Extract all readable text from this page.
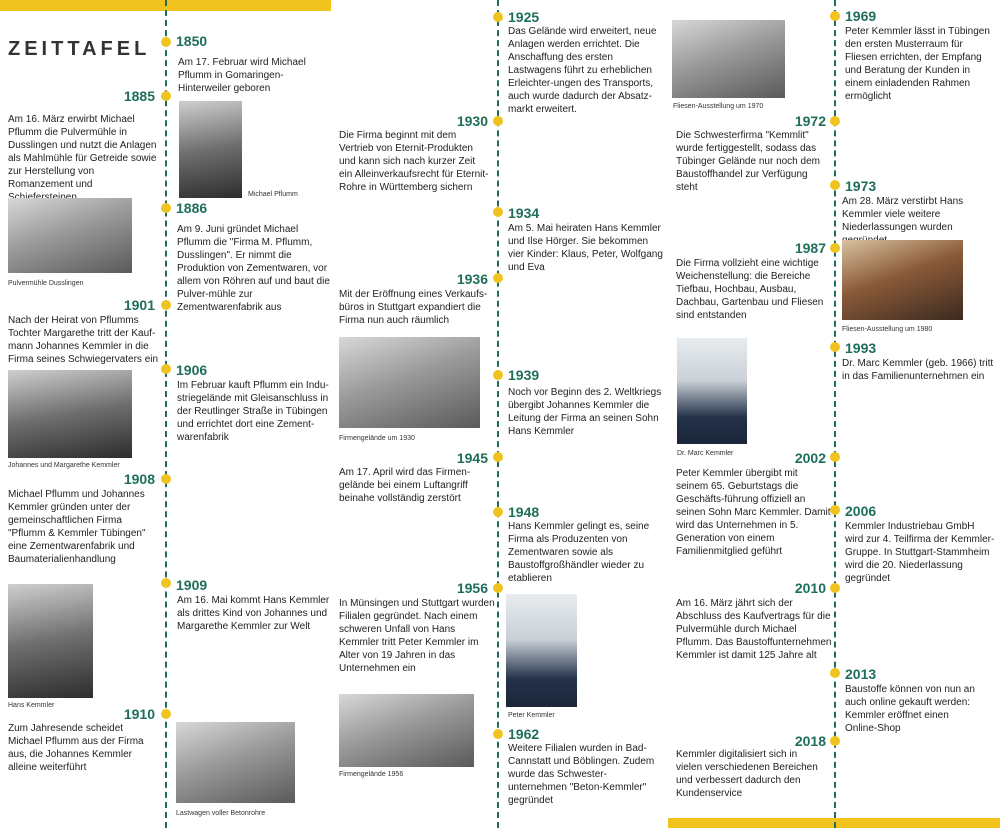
ZEITTAFEL 1850
Am 17. Februar wird Michael Pflumm in Gomaringen-Hinterweiler geboren
Michael Pflumm
1885
Am 16. März erwirbt Michael Pflumm die Pulvermühle in Dusslingen und nutzt die Anlagen als Mahlmühle für Getreide sowie zur Herstellung von Romanzement und
Pulvermühle Dusslingen
1886
Am 9. Juni gründet Michael Pflumm die "Firma M. Pflumm, Dusslingen". Er nimmt die Produktion von Zementwaren, vor allem von Röhren auf und baut die Pulver-mühle zur Zementwarenfabrik aus
1901
Nach der Heirat von Pflumms Tochter Margarethe tritt der Kauf-mann Johannes Kemmler in die Firma seines Schwiegervaters ein
Johannes und Margarethe Kemmler
1906
Im Februar kauft Pflumm ein Indu-striegelände mit Gleisanschluss in der Reutlinger Straße in Tübingen und errichtet dort eine Zement-warenfabrik
1908
Michael Pflumm und Johannes Kemmler gründen unter der gemeinschaftlichen Firma "Pflumm & Kemmler Tübingen" eine Zementwarenfabrik und Baumaterialienhandlung
Hans Kemmler
1909
Am 16. Mai kommt Hans Kemmler als drittes Kind von Johannes und Margarethe Kemmler zur Welt
1910
Zum Jahresende scheidet Michael Pflumm aus der Firma aus, die Johannes Kemmler alleine weiterführt
Lastwagen voller Betonrohre
1925
Das Gelände wird erweitert, neue Anlagen werden errichtet. Die Anschaffung des ersten Lastwagens führt zu erheblichen Erleichter-ungen des Transports, auch wurde dadurch der Absatz-markt erweitert.
1930
Die Firma beginnt mit dem Vertrieb von Eternit-Produkten und kann sich nach kurzer Zeit ein Alleinverkaufsrecht für Eternit-Rohre in Württemberg sichern
1934
Am 5. Mai heiraten Hans Kemmler und Ilse Hörger. Sie bekommen vier Kinder: Klaus, Peter, Wolfgang und Eva
1936
Mit der Eröffnung eines Verkaufs-büros in Stuttgart expandiert die Firma nun auch räumlich
Firmengelände um 1930
1939
Noch vor Beginn des 2. Weltkriegs übergibt Johannes Kemmler die Leitung der Firma an seinen Sohn Hans Kemmler
1945
Am 17. April wird das Firmen-gelände bei einem Luftangriff beinahe vollständig zerstört
1948
Hans Kemmler gelingt es, seine Firma als Produzenten von Zementwaren sowie als Baustoffgroßhändler wieder zu etablieren
1956
In Münsingen und Stuttgart wurden Filialen gegründet. Nach einem schweren Unfall von Hans Kemmler tritt Peter Kemmler im Alter von 19 Jahren in das Unternehmen ein
Peter Kemmler
Firmengelände 1956
1962
Weitere Filialen wurden in Bad-Cannstatt und Böblingen. Zudem wurde das Schwester-unternehmen "Beton-Kemmler" gegründet
Fliesen-Ausstellung um 1970
1969
Peter Kemmler lässt in Tübingen den ersten Musterraum für Fliesen errichten, der Empfang und Beratung der Kunden in einem einladenden Rahmen ermöglicht
1972
Die Schwesterfirma "Kemmlit" wurde fertiggestellt, sodass das Tübinger Gelände nur noch dem Baustoffhandel zur Verfügung steht	1973
Am 28. März verstirbt Hans Kemmler viele weitere Niederlassungen wurden
Fliesen-Ausstellung um 1980
1987
Die Firma vollzieht eine wichtige Weichenstellung: die Bereiche Tiefbau, Hochbau, Ausbau, Dachbau, Gartenbau und Fliesen sind entstanden
Dr. Marc Kemmler
1993
Dr. Marc Kemmler (geb. 1966) tritt in das Familienunternehmen ein
2002
Peter Kemmler übergibt mit seinem 65. Geburtstags die Geschäfts-führung offiziell an seinen Sohn Marc Kemmler. Damit wird das Unternehmen in 5. Generation von einem Familienmitglied geführt
2006
Kemmler Industriebau GmbH wird zur 4. Teilfirma der Kemmler-Gruppe. In Stuttgart-Stammheim wird die 20. Niederlassung gegründet
2010
Am 16. März jährt sich der Abschluss des Kaufvertrags für die Pulvermühle durch Michael Pflumm. Das Baustoffunternehmen Kemmler ist damit 125 Jahre alt
2013
Baustoffe können von nun an auch online gekauft werden: Kemmler eröffnet einen Online-Shop
2018
Kemmler digitalisiert sich in vielen verschiedenen Bereichen und verbessert dadurch den Kundenservice
